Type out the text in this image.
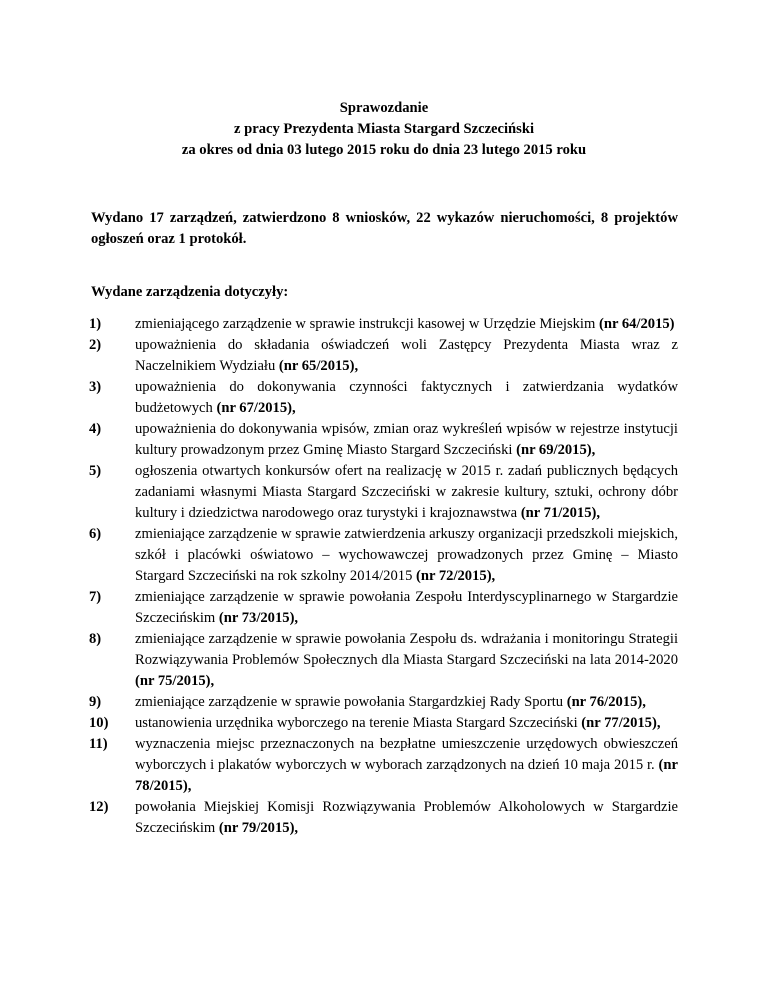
Sprawozdanie
z pracy Prezydenta Miasta Stargard Szczeciński
za okres od dnia 03 lutego 2015 roku do dnia 23 lutego 2015 roku
Wydano 17 zarządzeń, zatwierdzono 8 wniosków, 22 wykazów nieruchomości, 8 projektów ogłoszeń oraz 1 protokół.
Wydane zarządzenia dotyczyły:
1)	zmieniającego zarządzenie w sprawie instrukcji kasowej w Urzędzie Miejskim (nr 64/2015)
2)	upoważnienia do składania oświadczeń woli Zastępcy Prezydenta Miasta wraz z Naczelnikiem Wydziału (nr 65/2015),
3)	upoważnienia do dokonywania czynności faktycznych i zatwierdzania wydatków budżetowych (nr 67/2015),
4)	upoważnienia do dokonywania wpisów, zmian oraz wykreśleń wpisów w rejestrze instytucji kultury prowadzonym przez Gminę Miasto Stargard Szczeciński (nr 69/2015),
5)	ogłoszenia otwartych konkursów ofert na realizację w 2015 r. zadań publicznych będących zadaniami własnymi Miasta Stargard Szczeciński w zakresie kultury, sztuki, ochrony dóbr kultury i dziedzictwa narodowego oraz turystyki i krajoznawstwa (nr 71/2015),
6)	zmieniające zarządzenie w sprawie zatwierdzenia arkuszy organizacji przedszkoli miejskich, szkół i placówki oświatowo – wychowawczej prowadzonych przez Gminę – Miasto Stargard Szczeciński na rok szkolny 2014/2015 (nr 72/2015),
7)	zmieniające zarządzenie w sprawie powołania Zespołu Interdyscyplinarnego w Stargardzie Szczecińskim (nr 73/2015),
8)	zmieniające zarządzenie w sprawie powołania Zespołu ds. wdrażania i monitoringu Strategii Rozwiązywania Problemów Społecznych dla Miasta Stargard Szczeciński na lata 2014-2020 (nr 75/2015),
9)	zmieniające zarządzenie w sprawie powołania Stargardzkiej Rady Sportu (nr 76/2015),
10)	ustanowienia urzędnika wyborczego na terenie Miasta Stargard Szczeciński (nr 77/2015),
11)	wyznaczenia miejsc przeznaczonych na bezpłatne umieszczenie urzędowych obwieszczeń wyborczych i plakatów wyborczych w wyborach zarządzonych na dzień 10 maja 2015 r. (nr 78/2015),
12)	powołania Miejskiej Komisji Rozwiązywania Problemów Alkoholowych w Stargardzie Szczecińskim (nr 79/2015),
